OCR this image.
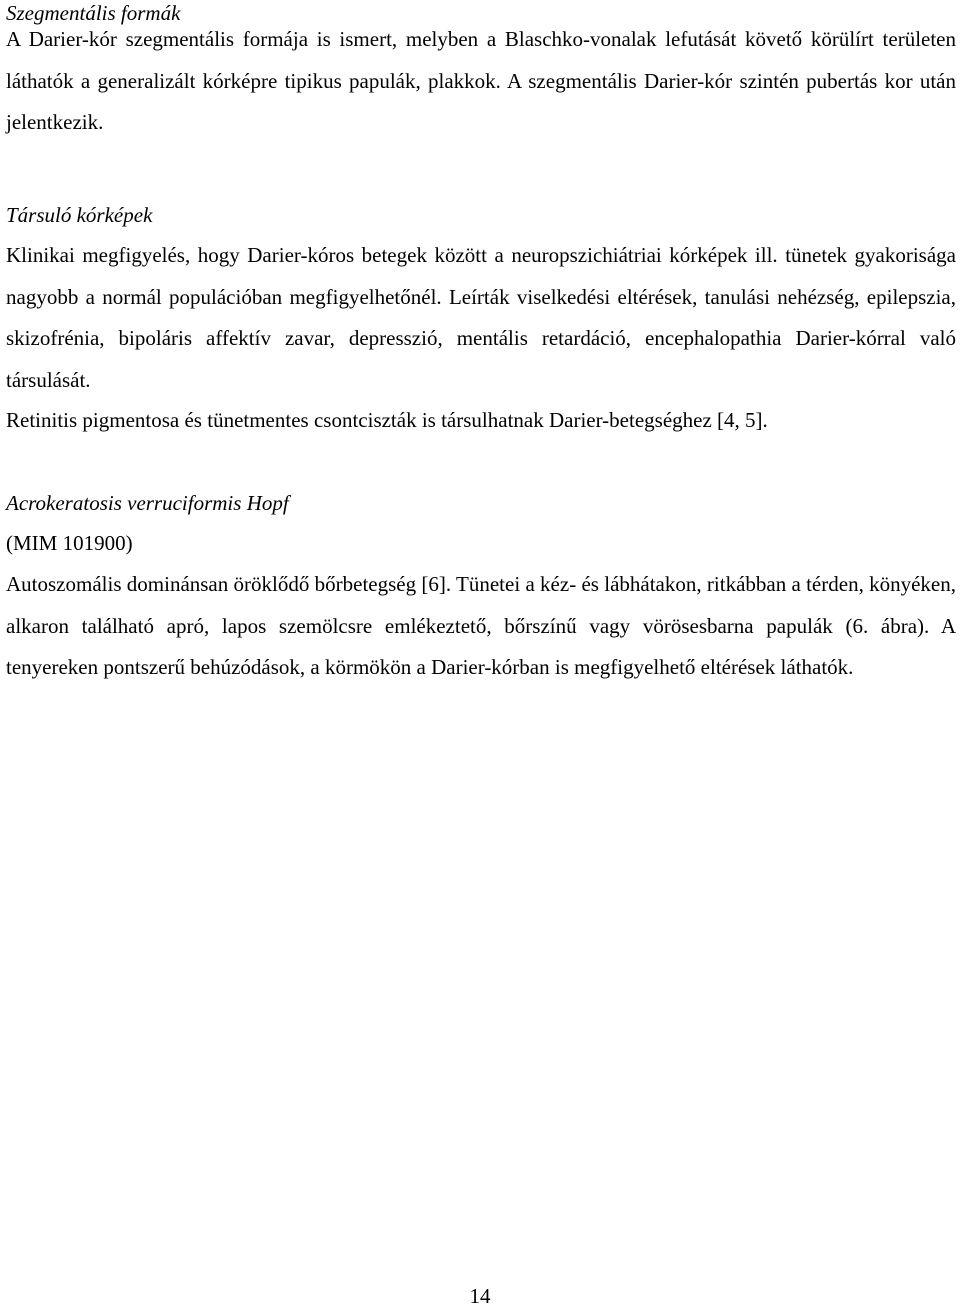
Szegmentális formák

A Darier-kór szegmentális formája is ismert, melyben a Blaschko-vonalak lefutását követő körülírt területen láthatók a generalizált kórképre tipikus papulák, plakkok. A szegmentális Darier-kór szintén pubertás kor után jelentkezik.

Társuló kórképek

Klinikai megfigyelés, hogy Darier-kóros betegek között a neuropszichiátriai kórképek ill. tünetek gyakorisága nagyobb a normál populációban megfigyelhetőnél. Leírták viselkedési eltérések, tanulási nehézség, epilepszia, skizofrénia, bipoláris affektív zavar, depresszió, mentális retardáció, encephalopathia Darier-kórral való társulását.

Retinitis pigmentosa és tünetmentes csontciszták is társulhatnak Darier-betegséghez [4, 5].

Acrokeratosis verruciformis Hopf

(MIM 101900)

Autoszomális dominánsan öröklődő bőrbetegség [6]. Tünetei a kéz- és lábhátakon, ritkábban a térden, könyéken, alkaron található apró, lapos szemölcsre emlékeztető, bőrszínű vagy vörösesbarna papulák (6. ábra). A tenyereken pontszerű behúzódások, a körmökön a Darier-kórban is megfigyelhető eltérések láthatók.

14
